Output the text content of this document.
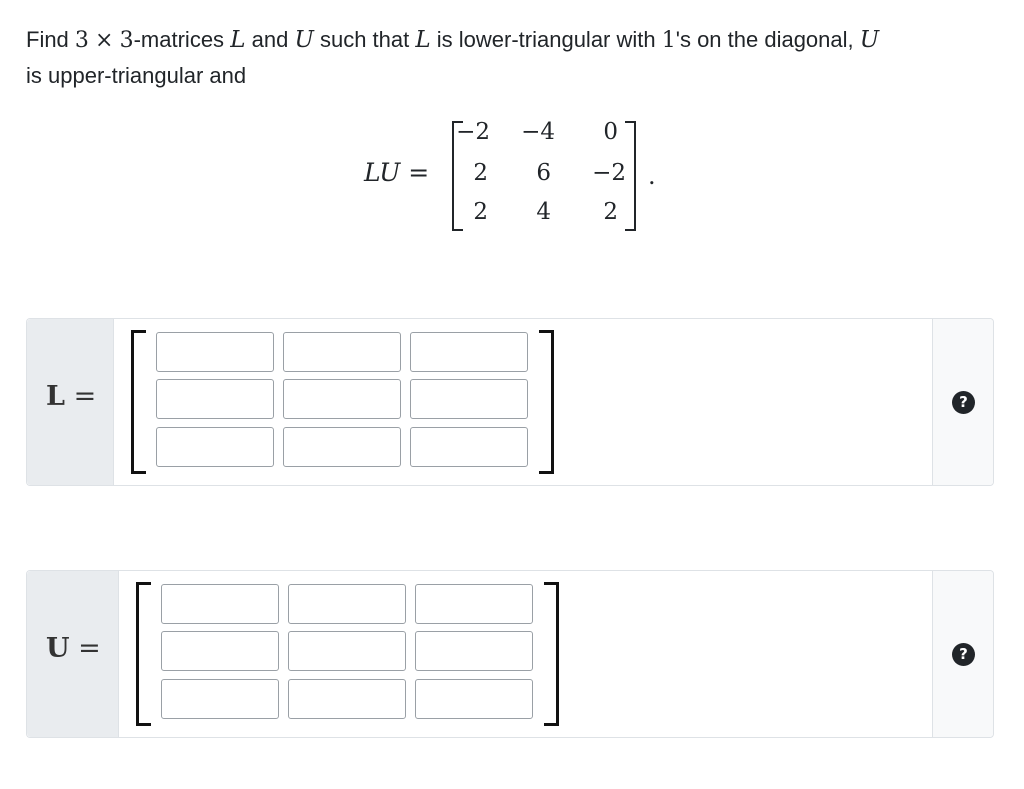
Find 3 × 3-matrices L and U such that L is lower-triangular with 1's on the diagonal, U
is upper-triangular and
LU =
−2	−4	0
2	6	−2
2	4	2
.
L =	?
U =	?
